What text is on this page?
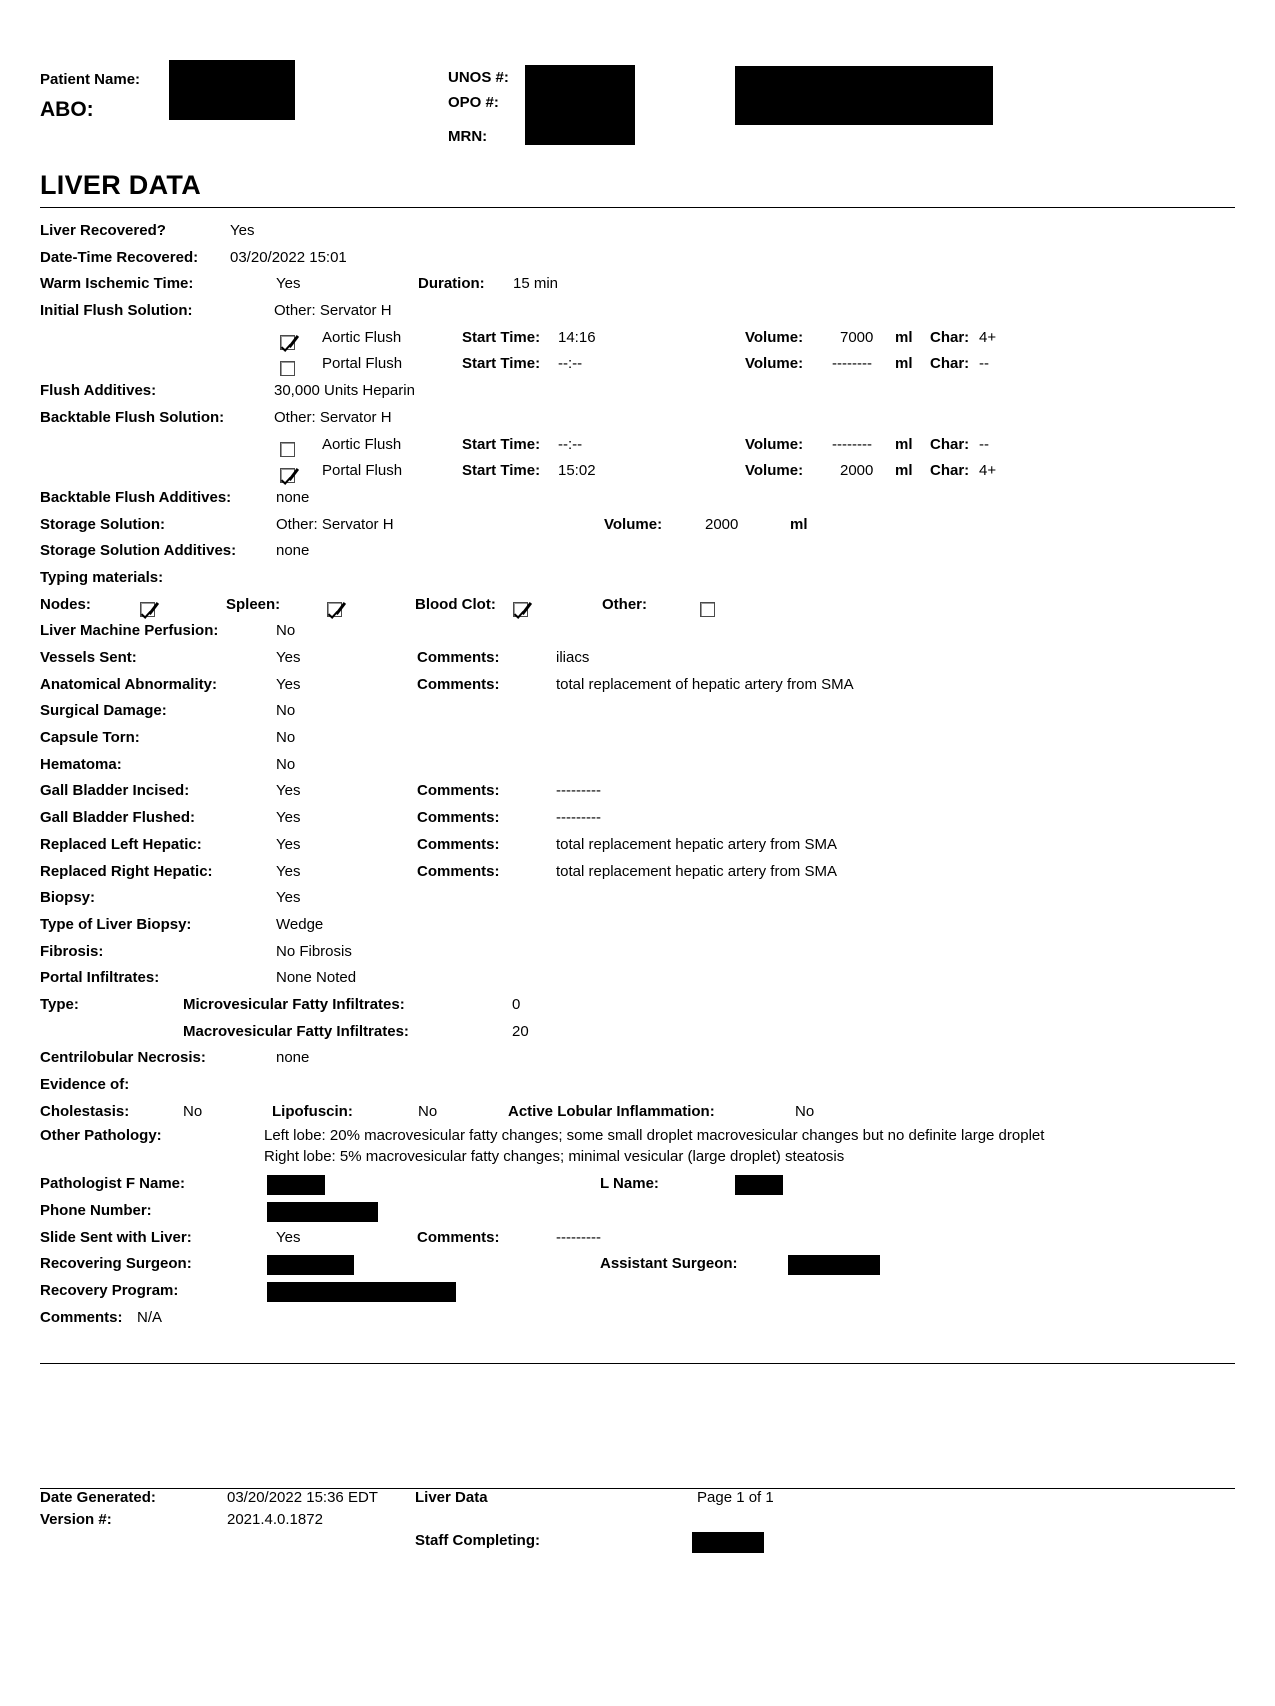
Patient Name:
ABO:
UNOS #:
OPO #:
MRN:
LIVER DATA
Liver Recovered?	Yes
Date-Time Recovered: 03/20/2022 15:01
Warm Ischemic Time:	Yes	Duration: 15 min
Initial Flush Solution:	Other: Servator H
Aortic Flush	Start Time: 14:16	Volume: 7000 ml Char: 4+
Portal Flush	Start Time: --:--	Volume: -------- ml Char: --
Flush Additives:	30,000 Units Heparin
Backtable Flush Solution:	Other: Servator H
Aortic Flush	Start Time: --:--	Volume: -------- ml Char: --
Portal Flush	Start Time: 15:02	Volume: 2000 ml Char: 4+
Backtable Flush Additives:	none
Storage Solution:	Other: Servator H	Volume:	2000	ml
Storage Solution Additives:	none
Typing materials:
Nodes:	Spleen:	Blood Clot:	Other:
Liver Machine Perfusion:	No
Vessels Sent:	Yes	Comments:	iliacs
Anatomical Abnormality:	Yes	Comments:	total replacement of hepatic artery from SMA
Surgical Damage:	No
Capsule Torn:	No
Hematoma:	No
Gall Bladder Incised:	Yes	Comments:	---------
Gall Bladder Flushed:	Yes	Comments:	---------
Replaced Left Hepatic:	Yes	Comments:	total replacement hepatic artery from SMA
Replaced Right Hepatic:	Yes	Comments:	total replacement hepatic artery from SMA
Biopsy:	Yes
Type of Liver Biopsy:	Wedge
Fibrosis:	No Fibrosis
Portal Infiltrates:	None Noted
Type:	Microvesicular Fatty Infiltrates:	0
Macrovesicular Fatty Infiltrates:	20
Centrilobular Necrosis:	none
Evidence of:
Cholestasis:	No	Lipofuscin:	No	Active Lobular Inflammation:	No
Other Pathology:	Left lobe: 20% macrovesicular fatty changes; some small droplet macrovesicular changes but no definite large droplet
Right lobe: 5% macrovesicular fatty changes; minimal vesicular (large droplet) steatosis
Pathologist F Name:	L Name:
Phone Number:
Slide Sent with Liver:	Yes	Comments:	---------
Recovering Surgeon:	Assistant Surgeon:
Recovery Program:
Comments: N/A
Date Generated:	03/20/2022 15:36 EDT Liver Data	Page 1 of 1
Version #:	2021.4.0.1872
Staff Completing:
